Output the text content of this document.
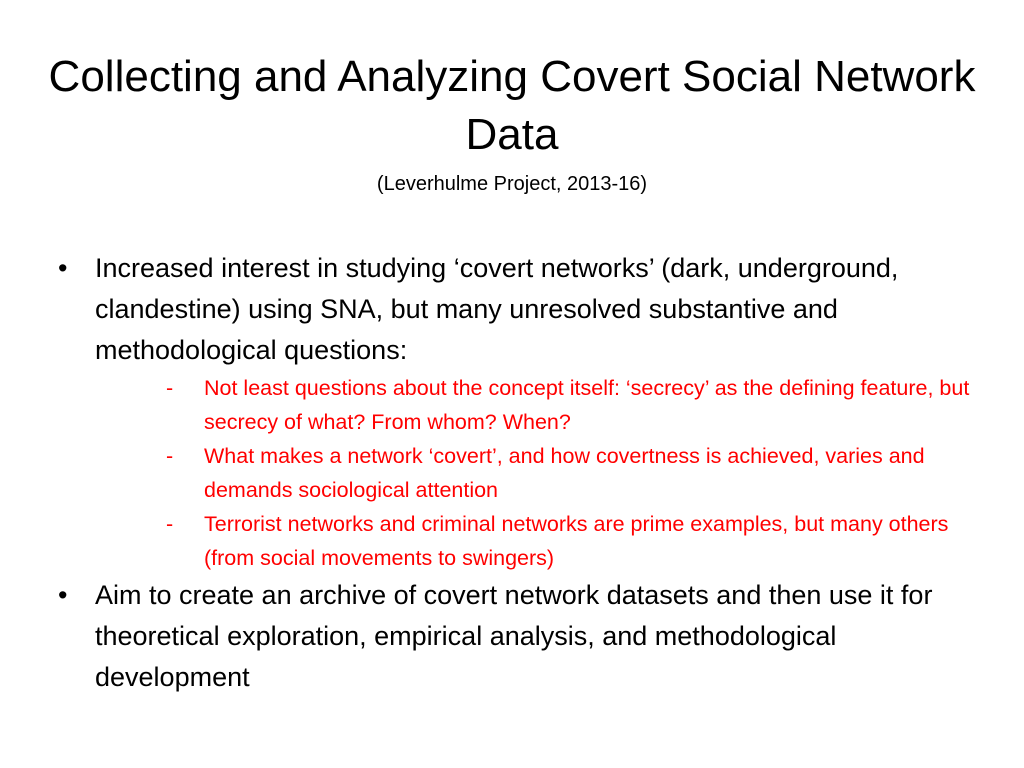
Collecting and Analyzing Covert Social Network Data
(Leverhulme Project, 2013-16)
• Increased interest in studying ‘covert networks’ (dark, underground, clandestine) using SNA, but many unresolved substantive and methodological questions:
- Not least questions about the concept itself: ‘secrecy’ as the defining feature, but secrecy of what? From whom? When?
- What makes a network ‘covert’, and how covertness is achieved, varies and demands sociological attention
- Terrorist networks and criminal networks are prime examples, but many others (from social movements to swingers)
• Aim to create an archive of covert network datasets and then use it for theoretical exploration, empirical analysis, and methodological development
